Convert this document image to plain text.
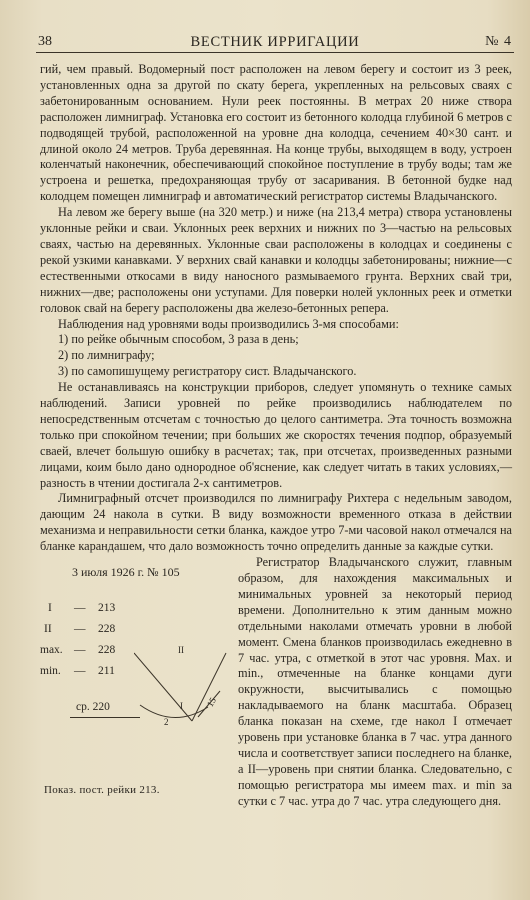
38	ВЕСТНИК ИРРИГАЦИИ	№ 4

гий, чем правый. Водомерный пост расположен на левом берегу и состоит из 3 реек, установленных одна за другой по скату берега, укрепленных на рельсовых сваях с забетонированным основанием. Нули реек постоянны. В метрах 20 ниже створа расположен лимниграф. Установка его состоит из бетонного колодца глубиной 6 метров с подводящей трубой, расположенной на уровне дна колодца, сечением 40×30 сант. и длиной около 24 метров. Труба деревянная. На конце трубы, выходящем в воду, устроен коленчатый наконечник, обеспечивающий спокойное поступление в трубу воды; там же устроена и решетка, предохраняющая трубу от засаривания. В бетонной будке над колодцем помещен лимниграф и автоматический регистратор системы Владычанского.

На левом же берегу выше (на 320 метр.) и ниже (на 213,4 метра) створа установлены уклонные рейки и сваи. Уклонных реек верхних и нижних по 3—частью на рельсовых сваях, частью на деревянных. Уклонные сваи расположены в колодцах и соединены с рекой узкими канавками. У верхних свай канавки и колодцы забетонированы; нижние—с естественными откосами в виду наносного размываемого грунта. Верхних свай три, нижних—две; расположены они уступами. Для поверки нолей уклонных реек и отметки головок свай на берегу расположены два железо-бетонных репера.

Наблюдения над уровнями воды производились 3-мя способами:

1) по рейке обычным способом, 3 раза в день;

2) по лимниграфу;

3) по самопишущему регистратору сист. Владычанского.

Не останавливаясь на конструкции приборов, следует упомянуть о технике самых наблюдений. Записи уровней по рейке производились наблюдателем по непосредственным отсчетам с точностью до целого сантиметра. Эта точность возможна только при спокойном течении; при больших же скоростях течения подпор, образуемый сваей, влечет большую ошибку в расчетах; так, при отсчетах, произведенных разными лицами, коим было дано однородное об'яснение, как следует читать в таких условиях,—разность в чтении достигала 2-х сантиметров.

Лимниграфный отсчет производился по лимниграфу Рихтера с недельным заводом, дающим 24 накола в сутки. В виду возможности временного отказа в действии механизма и неправильности сетки бланка, каждое утро 7-ми часовой накол отмечался на бланке карандашем, что дало возможность точно определить данные за каждые сутки.

3 июля 1926 г. № 105
I — 213
II — 228
max. — 228
min. — 211
ср. 220
II
I
2
15
Показ. пост. рейки 213.

Регистратор Владычанского служит, главным образом, для нахождения максимальных и минимальных уровней за некоторый период времени. Дополнительно к этим данным можно отдельными наколами отмечать уровни в любой момент. Смена бланков производилась ежедневно в 7 час. утра, с отметкой в этот час уровня. Max. и min., отмеченные на бланке концами дуги окружности, высчитывались с помощью накладываемого на бланк масштаба. Образец бланка показан на схеме, где накол I отмечает уровень при установке бланка в 7 час. утра данного числа и соответствует записи последнего на бланке, а II—уровень при снятии бланка. Следовательно, с помощью регистратора мы имеем max. и min за сутки с 7 час. утра до 7 час. утра следующего дня.
